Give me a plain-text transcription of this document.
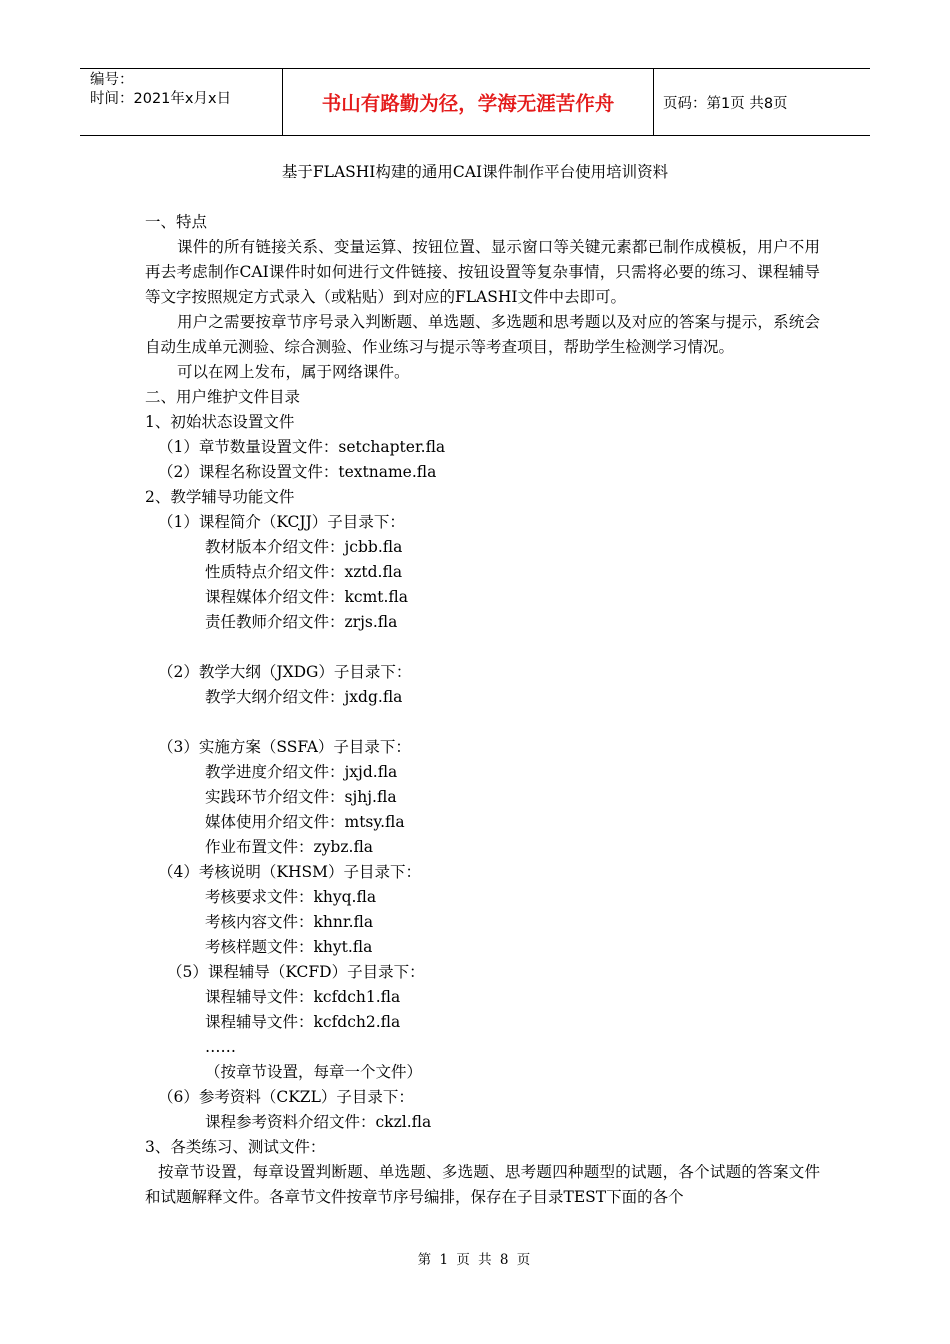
编号：
时间：2021年x月x日	书山有路勤为径，学海无涯苦作舟	页码：第1页 共8页
基于FLASHI构建的通用CAI课件制作平台使用培训资料

一、特点

课件的所有链接关系、变量运算、按钮位置、显示窗口等关键元素都已制作成模板，用户不用再去考虑制作CAI课件时如何进行文件链接、按钮设置等复杂事情，只需将必要的练习、课程辅导等文字按照规定方式录入（或粘贴）到对应的FLASHI文件中去即可。

用户之需要按章节序号录入判断题、单选题、多选题和思考题以及对应的答案与提示，系统会自动生成单元测验、综合测验、作业练习与提示等考查项目，帮助学生检测学习情况。

可以在网上发布，属于网络课件。

二、用户维护文件目录

1、初始状态设置文件

（1）章节数量设置文件：setchapter.fla

（2）课程名称设置文件：textname.fla

2、教学辅导功能文件

（1）课程简介（KCJJ）子目录下：

教材版本介绍文件：jcbb.fla

性质特点介绍文件：xztd.fla

课程媒体介绍文件：kcmt.fla

责任教师介绍文件：zrjs.fla

（2）教学大纲（JXDG）子目录下：

教学大纲介绍文件：jxdg.fla

（3）实施方案（SSFA）子目录下：

教学进度介绍文件：jxjd.fla

实践环节介绍文件：sjhj.fla

媒体使用介绍文件：mtsy.fla

作业布置文件：zybz.fla

（4）考核说明（KHSM）子目录下：

考核要求文件：khyq.fla

考核内容文件：khnr.fla

考核样题文件：khyt.fla

（5）课程辅导（KCFD）子目录下：

课程辅导文件：kcfdch1.fla

课程辅导文件：kcfdch2.fla

……

（按章节设置，每章一个文件）

（6）参考资料（CKZL）子目录下：

课程参考资料介绍文件：ckzl.fla

3、各类练习、测试文件：

按章节设置，每章设置判断题、单选题、多选题、思考题四种题型的试题，各个试题的答案文件和试题解释文件。各章节文件按章节序号编排，保存在子目录TEST下面的各个

第 1 页 共 8 页
